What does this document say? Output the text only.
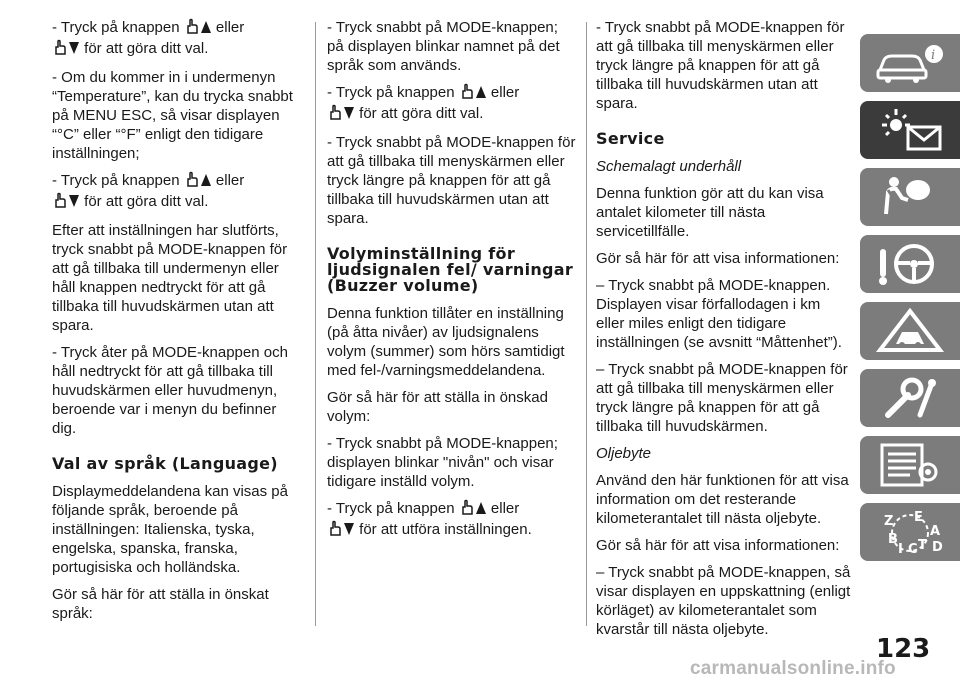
- Tryck på knappen eller
för att göra ditt val.

- Om du kommer in i undermenyn “Temperature”, kan du trycka snabbt på MENU ESC, så visar displayen “°C” eller “°F” enligt den tidigare inställningen;

- Tryck på knappen eller
för att göra ditt val.

Efter att inställningen har slutförts, tryck snabbt på MODE-knappen för att gå tillbaka till undermenyn eller håll knappen nedtryckt för att gå tillbaka till huvudskärmen utan att spara.

- Tryck åter på MODE-knappen och håll nedtryckt för att gå tillbaka till huvudskärmen eller huvudmenyn, beroende var i menyn du befinner dig.

Val av språk (Language)

Displaymeddelandena kan visas på följande språk, beroende på inställningen: Italienska, tyska, engelska, spanska, franska, portugisiska och holländska.

Gör så här för att ställa in önskat språk:

- Tryck snabbt på MODE-knappen; på displayen blinkar namnet på det språk som används.

- Tryck på knappen eller
för att göra ditt val.

- Tryck snabbt på MODE-knappen för att gå tillbaka till menyskärmen eller tryck längre på knappen för att gå tillbaka till huvudskärmen utan att spara.

Volyminställning för ljudsignalen fel/ varningar (Buzzer volume)

Denna funktion tillåter en inställning (på åtta nivåer) av ljudsignalens volym (summer) som hörs samtidigt med fel-/varningsmeddelandena.

Gör så här för att ställa in önskad volym:

- Tryck snabbt på MODE-knappen; displayen blinkar "nivån" och visar tidigare inställd volym.

- Tryck på knappen eller
för att utföra inställningen.

- Tryck snabbt på MODE-knappen för att gå tillbaka till menyskärmen eller tryck längre på knappen för att gå tillbaka till huvudskärmen utan att spara.

Service

Schemalagt underhåll

Denna funktion gör att du kan visa antalet kilometer till nästa servicetillfälle.

Gör så här för att visa informationen:

– Tryck snabbt på MODE-knappen. Displayen visar förfallodagen i km eller miles enligt den tidigare inställningen (se avsnitt “Måttenhet”).

– Tryck snabbt på MODE-knappen för att gå tillbaka till menyskärmen eller tryck längre på knappen för att gå tillbaka till huvudskärmen.

Oljebyte

Använd den här funktionen för att visa information om det resterande kilometerantalet till nästa oljebyte.

Gör så här för att visa informationen:

– Tryck snabbt på MODE-knappen, så visar displayen en uppskattning (enligt körläget) av kilometerantalet som kvarstår till nästa oljebyte.

i
Z E
A
B
I C T D
123
carmanualsonline.info
